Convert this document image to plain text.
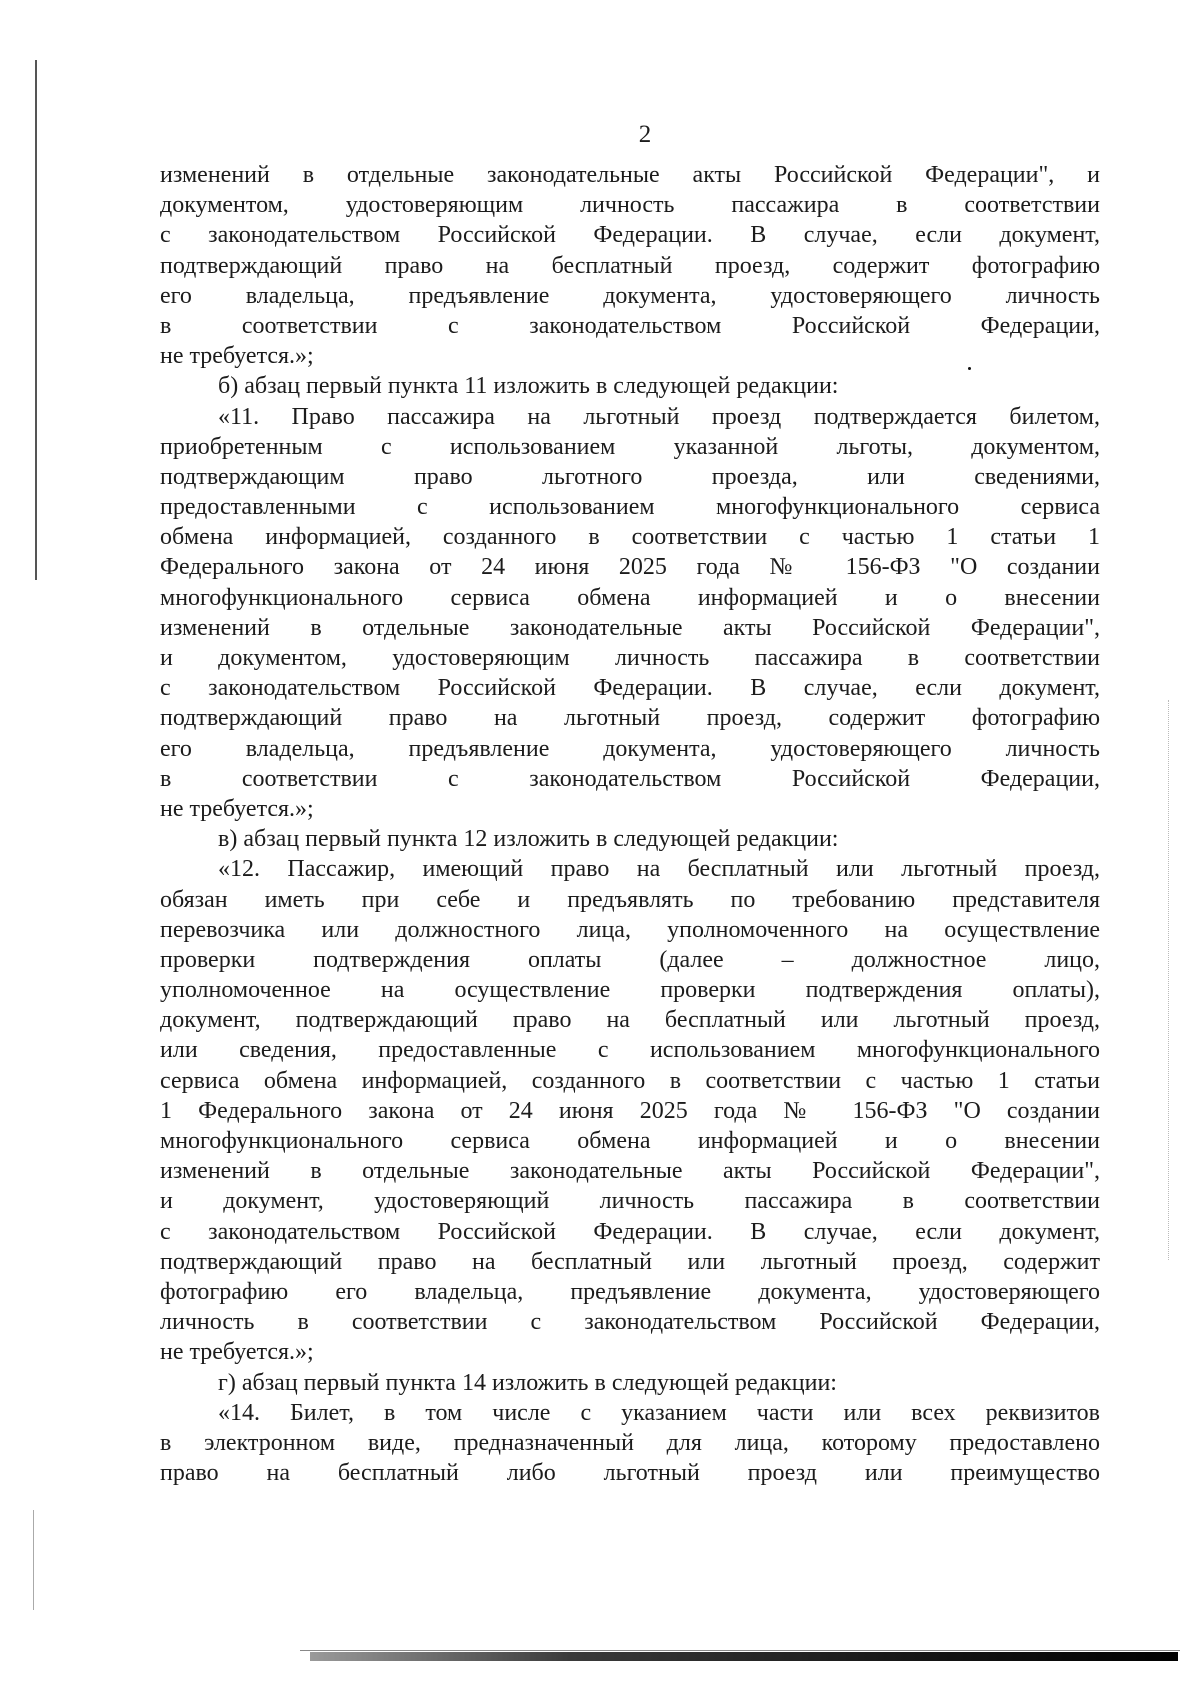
2
изменений в отдельные законодательные акты Российской Федерации", и
документом, удостоверяющим личность пассажира в соответствии
с законодательством Российской Федерации. В случае, если документ,
подтверждающий право на бесплатный проезд, содержит фотографию
его владельца, предъявление документа, удостоверяющего личность
в соответствии с законодательством Российской Федерации,
не требуется.»;
б) абзац первый пункта 11 изложить в следующей редакции:
«11. Право пассажира на льготный проезд подтверждается билетом,
приобретенным с использованием указанной льготы, документом,
подтверждающим право льготного проезда, или сведениями,
предоставленными с использованием многофункционального сервиса
обмена информацией, созданного в соответствии с частью 1 статьи 1
Федерального закона от 24 июня 2025 года № 156-ФЗ "О создании
многофункционального сервиса обмена информацией и о внесении
изменений в отдельные законодательные акты Российской Федерации",
и документом, удостоверяющим личность пассажира в соответствии
с законодательством Российской Федерации. В случае, если документ,
подтверждающий право на льготный проезд, содержит фотографию
его владельца, предъявление документа, удостоверяющего личность
в соответствии с законодательством Российской Федерации,
не требуется.»;
в) абзац первый пункта 12 изложить в следующей редакции:
«12. Пассажир, имеющий право на бесплатный или льготный проезд,
обязан иметь при себе и предъявлять по требованию представителя
перевозчика или должностного лица, уполномоченного на осуществление
проверки подтверждения оплаты (далее – должностное лицо,
уполномоченное на осуществление проверки подтверждения оплаты),
документ, подтверждающий право на бесплатный или льготный проезд,
или сведения, предоставленные с использованием многофункционального
сервиса обмена информацией, созданного в соответствии с частью 1 статьи
1 Федерального закона от 24 июня 2025 года № 156-ФЗ "О создании
многофункционального сервиса обмена информацией и о внесении
изменений в отдельные законодательные акты Российской Федерации",
и документ, удостоверяющий личность пассажира в соответствии
с законодательством Российской Федерации. В случае, если документ,
подтверждающий право на бесплатный или льготный проезд, содержит
фотографию его владельца, предъявление документа, удостоверяющего
личность в соответствии с законодательством Российской Федерации,
не требуется.»;
г) абзац первый пункта 14 изложить в следующей редакции:
«14. Билет, в том числе с указанием части или всех реквизитов
в электронном виде, предназначенный для лица, которому предоставлено
право на бесплатный либо льготный проезд или преимущество
